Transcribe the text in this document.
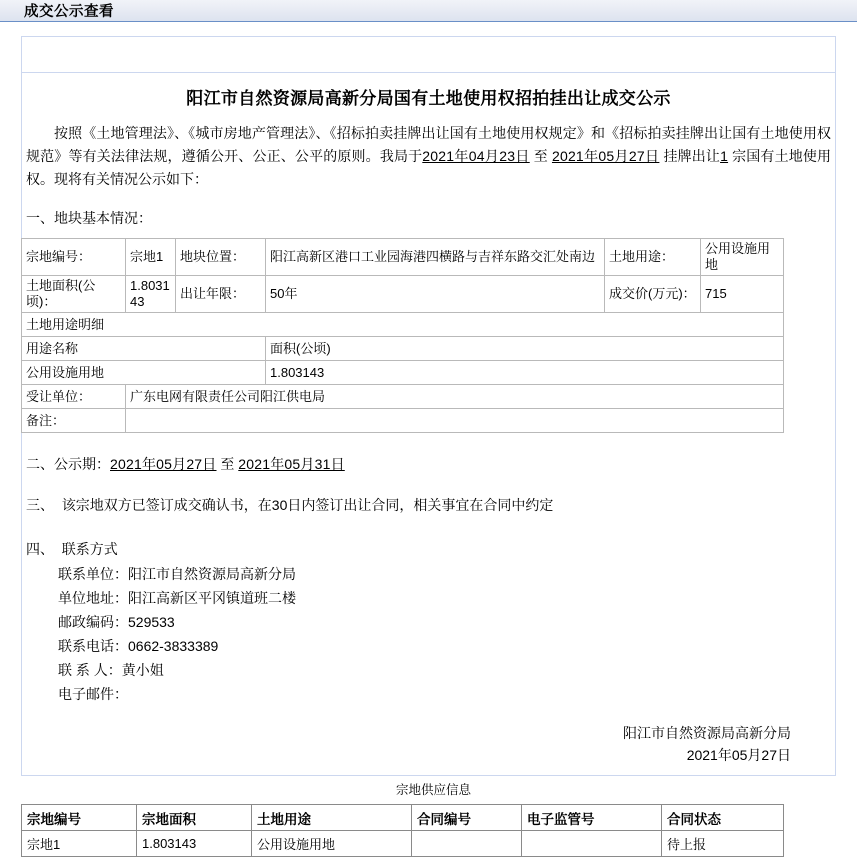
成交公示查看
阳江市自然资源局高新分局国有土地使用权招拍挂出让成交公示
按照《土地管理法》、《城市房地产管理法》、《招标拍卖挂牌出让国有土地使用权规定》和《招标拍卖挂牌出让国有土地使用权规范》等有关法律法规，遵循公开、公正、公平的原则。我局于2021年04月23日 至 2021年05月27日 挂牌出让1 宗国有土地使用权。现将有关情况公示如下：
一、地块基本情况：
宗地编号：	宗地1	地块位置：	阳江高新区港口工业园海港四横路与吉祥东路交汇处南边	土地用途：	公用设施用地
土地面积(公顷)：	1.803143	出让年限：	50年	成交价(万元)：	715
土地用途明细					
用途名称			面积(公顷)		
公用设施用地			1.803143		
受让单位：	广东电网有限责任公司阳江供电局				
备注：					
二、公示期：2021年05月27日 至 2021年05月31日
三、 该宗地双方已签订成交确认书，在30日内签订出让合同，相关事宜在合同中约定
四、 联系方式
联系单位：阳江市自然资源局高新分局
单位地址：阳江高新区平冈镇道班二楼
邮政编码：529533
联系电话：0662-3833389
联 系 人：黄小姐
电子邮件：
阳江市自然资源局高新分局
2021年05月27日
宗地供应信息
宗地编号	宗地面积	土地用途	合同编号	电子监管号	合同状态
宗地1	1.803143	公用设施用地			待上报
